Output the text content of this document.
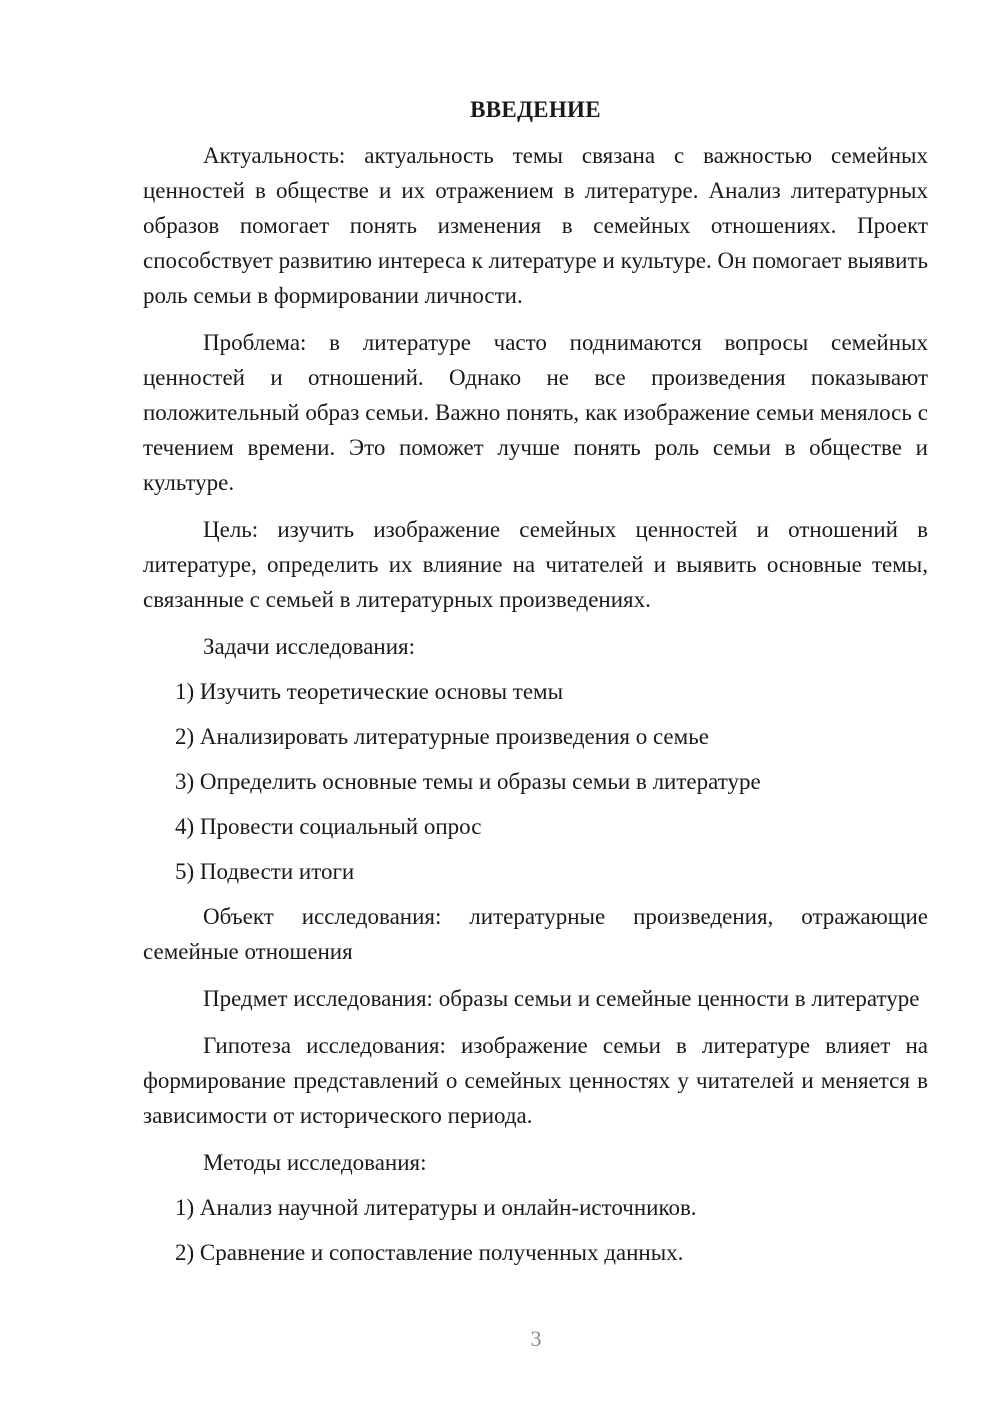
ВВЕДЕНИЕ
Актуальность: актуальность темы связана с важностью семейных ценностей в обществе и их отражением в литературе. Анализ литературных образов помогает понять изменения в семейных отношениях. Проект способствует развитию интереса к литературе и культуре. Он помогает выявить роль семьи в формировании личности.
Проблема: в литературе часто поднимаются вопросы семейных ценностей и отношений. Однако не все произведения показывают положительный образ семьи. Важно понять, как изображение семьи менялось с течением времени. Это поможет лучше понять роль семьи в обществе и культуре.
Цель: изучить изображение семейных ценностей и отношений в литературе, определить их влияние на читателей и выявить основные темы, связанные с семьей в литературных произведениях.
Задачи исследования:
1) Изучить теоретические основы темы
2) Анализировать литературные произведения о семье
3) Определить основные темы и образы семьи в литературе
4) Провести социальный опрос
5) Подвести итоги
Объект исследования: литературные произведения, отражающие семейные отношения
Предмет исследования: образы семьи и семейные ценности в литературе
Гипотеза исследования: изображение семьи в литературе влияет на формирование представлений о семейных ценностях у читателей и меняется в зависимости от исторического периода.
Методы исследования:
1) Анализ научной литературы и онлайн-источников.
2) Сравнение и сопоставление полученных данных.
3
